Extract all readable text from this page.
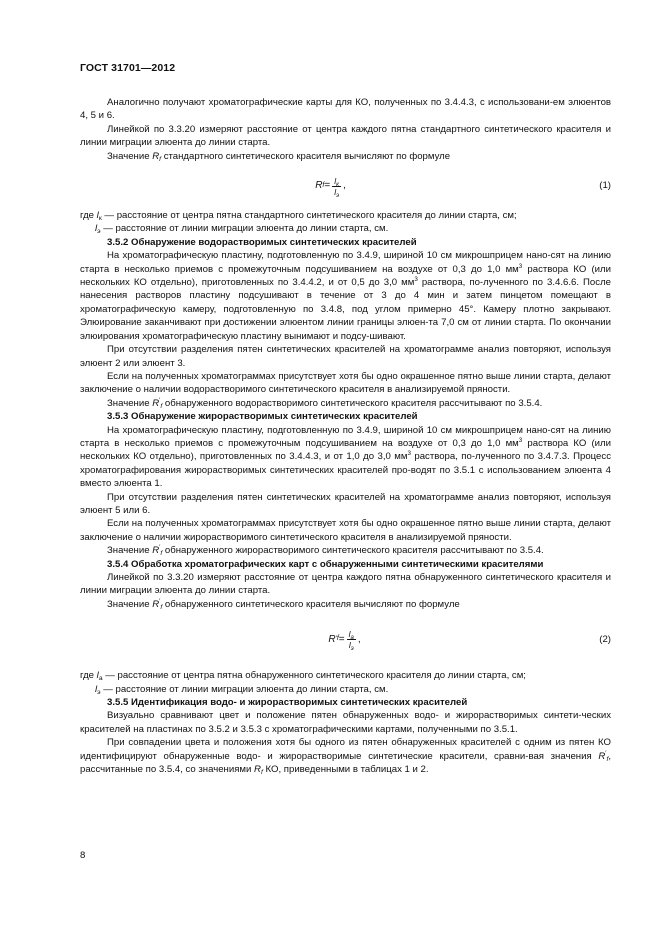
ГОСТ 31701—2012

Аналогично получают хроматографические карты для КО, полученных по 3.4.4.3, с использовани-ем элюентов 4, 5 и 6.

Линейкой по 3.3.20 измеряют расстояние от центра каждого пятна стандартного синтетического красителя и линии миграции элюента до линии старта.

Значение $R_f$ стандартного синтетического красителя вычисляют по формуле

R $f = \frac{l_к}{l_э}$ ,	(1)

где $l_к$ — расстояние от центра пятна стандартного синтетического красителя до линии старта, см;

$l_э$ — расстояние от линии миграции элюента до линии старта, см.

3.5.2 Обнаружение водорастворимых синтетических красителей

На хроматографическую пластину, подготовленную по 3.4.9, шириной 10 см микрошприцем нано-сят на линию старта в несколько приемов с промежуточным подсушиванием на воздухе от 0,3 до 1,0 $мм^3$ раствора КО (или нескольких КО отдельно), приготовленных по 3.4.4.2, и от 0,5 до 3,0 $мм^3$ раствора, по-лученного по 3.4.6.6. После нанесения растворов пластину подсушивают в течение от 3 до 4 мин и затем пинцетом помещают в хроматографическую камеру, подготовленную по 3.4.8, под углом примерно 45°. Камеру плотно закрывают. Элюирование заканчивают при достижении элюентом линии границы элюен-та 7,0 см от линии старта. По окончании элюирования хроматографическую пластину вынимают и подсу-шивают.

При отсутствии разделения пятен синтетических красителей на хроматограмме анализ повторяют, используя элюент 2 или элюент 3.

Если на полученных хроматограммах присутствует хотя бы одно окрашенное пятно выше линии старта, делают заключение о наличии водорастворимого синтетического красителя в анализируемой пряности.

Значение $R'_f$ обнаруженного водорастворимого синтетического красителя рассчитывают по 3.5.4.

3.5.3 Обнаружение жирорастворимых синтетических красителей

На хроматографическую пластину, подготовленную по 3.4.9, шириной 10 см микрошприцем нано-сят на линию старта в несколько приемов с промежуточным подсушиванием на воздухе от 0,3 до 1,0 $мм^3$ раствора КО (или нескольких КО отдельно), приготовленных по 3.4.4.3, и от 1,0 до 3,0 $мм^3$ раствора, по-лученного по 3.4.7.3. Процесс хроматографирования жирорастворимых синтетических красителей про-водят по 3.5.1 с использованием элюента 4 вместо элюента 1.

При отсутствии разделения пятен синтетических красителей на хроматограмме анализ повторяют, используя элюент 5 или 6.

Если на полученных хроматограммах присутствует хотя бы одно окрашенное пятно выше линии старта, делают заключение о наличии жирорастворимого синтетического красителя в анализируемой пряности.

Значение $R'_f$ обнаруженного жирорастворимого синтетического красителя рассчитывают по 3.5.4.

3.5.4 Обработка хроматографических карт с обнаруженными синтетическими красителями

Линейкой по 3.3.20 измеряют расстояние от центра каждого пятна обнаруженного синтетического красителя и линии миграции элюента до линии старта.

Значение $R'_f$ обнаруженного синтетического красителя вычисляют по формуле

R ′ $f = \frac{l_а}{l_э}$ ,	(2)

где $l_а$ — расстояние от центра пятна обнаруженного синтетического красителя до линии старта, см;

$l_э$ — расстояние от линии миграции элюента до линии старта, см.

3.5.5 Идентификация водо- и жирорастворимых синтетических красителей

Визуально сравнивают цвет и положение пятен обнаруженных водо- и жирорастворимых синтети-ческих красителей на пластинах по 3.5.2 и 3.5.3 с хроматографическими картами, полученными по 3.5.1.

При совпадении цвета и положения хотя бы одного из пятен обнаруженных красителей с одним из пятен КО идентифицируют обнаруженные водо- и жирорастворимые синтетические красители, сравни-вая значения $R'_f$, рассчитанные по 3.5.4, со значениями $R_f$ КО, приведенными в таблицах 1 и 2.

8
